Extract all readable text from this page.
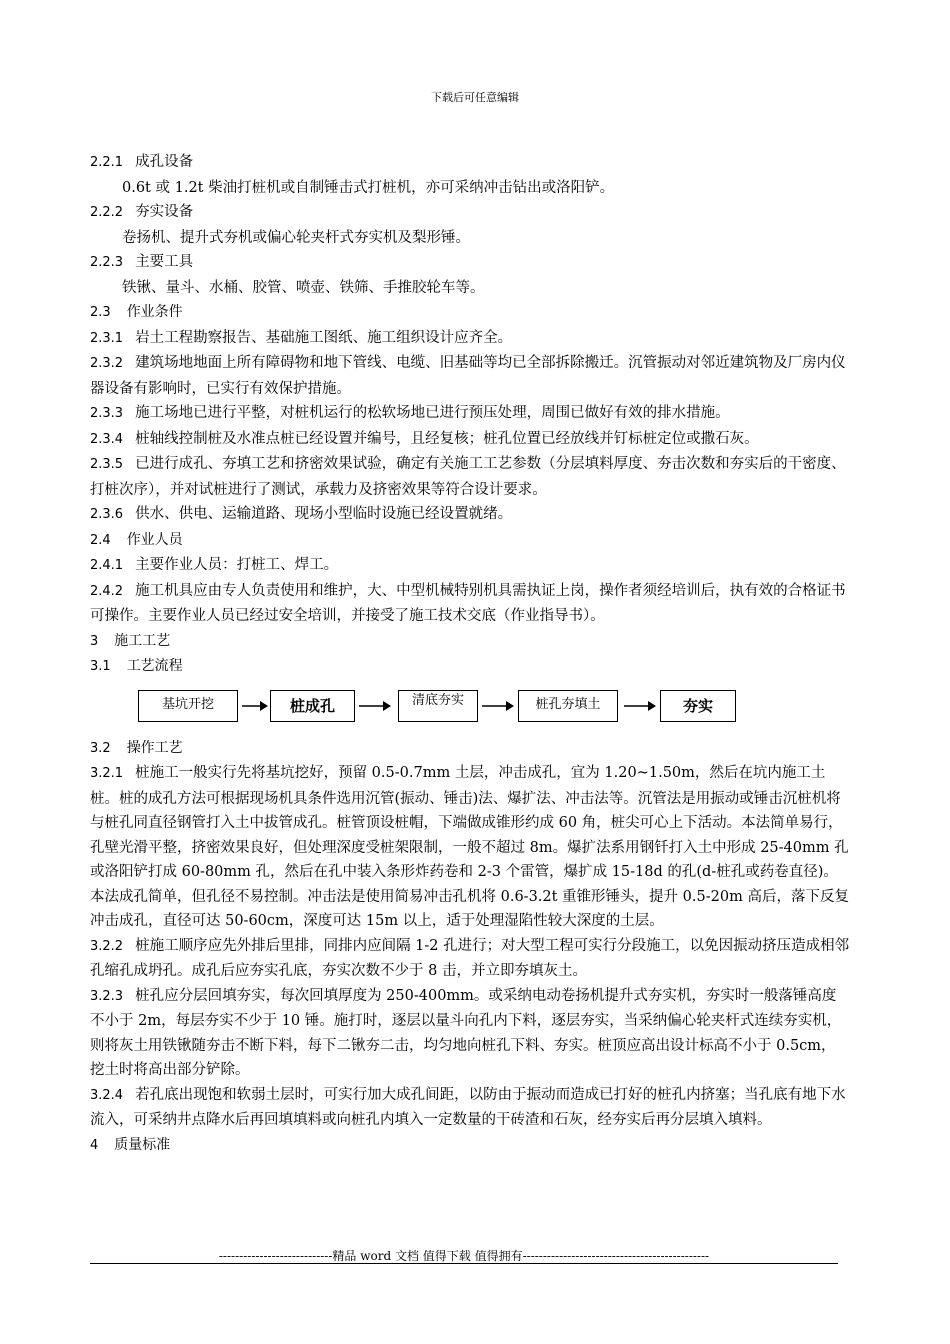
下载后可任意编辑
2.2.1 成孔设备
0.6t 或 1.2t 柴油打桩机或自制锤击式打桩机，亦可采纳冲击钻出或洛阳铲。
2.2.2 夯实设备
卷扬机、提升式夯机或偏心轮夹杆式夯实机及梨形锤。
2.2.3 主要工具
铁锹、量斗、水桶、胶管、喷壶、铁筛、手推胶轮车等。
2.3 作业条件
2.3.1 岩土工程勘察报告、基础施工图纸、施工组织设计应齐全。
2.3.2 建筑场地地面上所有障碍物和地下管线、电缆、旧基础等均已全部拆除搬迁。沉管振动对邻近建筑物及厂房内仪器设备有影响时，已实行有效保护措施。
2.3.3 施工场地已进行平整，对桩机运行的松软场地已进行预压处理，周围已做好有效的排水措施。
2.3.4 桩轴线控制桩及水准点桩已经设置并编号，且经复核；桩孔位置已经放线并钉标桩定位或撒石灰。
2.3.5 已进行成孔、夯填工艺和挤密效果试验，确定有关施工工艺参数（分层填料厚度、夯击次数和夯实后的干密度、打桩次序），并对试桩进行了测试，承载力及挤密效果等符合设计要求。
2.3.6 供水、供电、运输道路、现场小型临时设施已经设置就绪。
2.4 作业人员
2.4.1 主要作业人员：打桩工、焊工。
2.4.2 施工机具应由专人负责使用和维护，大、中型机械特别机具需执证上岗，操作者须经培训后，执有效的合格证书可操作。主要作业人员已经过安全培训，并接受了施工技术交底（作业指导书）。
3 施工工艺
3.1 工艺流程
基坑开挖	桩成孔	清底夯实	桩孔夯填土	夯实
3.2 操作工艺
3.2.1 桩施工一般实行先将基坑挖好，预留 0.5-0.7mm 土层，冲击成孔，宜为 1.20~1.50m，然后在坑内施工土桩。桩的成孔方法可根据现场机具条件选用沉管(振动、锤击)法、爆扩法、冲击法等。沉管法是用振动或锤击沉桩机将与桩孔同直径钢管打入土中拔管成孔。桩管顶设桩帽，下端做成锥形约成 60 角，桩尖可心上下活动。本法简单易行，孔壁光滑平整，挤密效果良好，但处理深度受桩架限制，一般不超过 8m。爆扩法系用钢钎打入土中形成 25-40mm 孔或洛阳铲打成 60-80mm 孔，然后在孔中装入条形炸药卷和 2-3 个雷管，爆扩成 15-18d 的孔(d-桩孔或药卷直径)。本法成孔简单，但孔径不易控制。冲击法是使用简易冲击孔机将 0.6-3.2t 重锥形锤头，提升 0.5-20m 高后，落下反复冲击成孔，直径可达 50-60cm，深度可达 15m 以上，适于处理湿陷性较大深度的土层。
3.2.2 桩施工顺序应先外排后里排，同排内应间隔 1-2 孔进行；对大型工程可实行分段施工，以免因振动挤压造成相邻孔缩孔成坍孔。成孔后应夯实孔底，夯实次数不少于 8 击，并立即夯填灰土。
3.2.3 桩孔应分层回填夯实，每次回填厚度为 250-400mm。或采纳电动卷扬机提升式夯实机，夯实时一般落锤高度不小于 2m，每层夯实不少于 10 锤。施打时，逐层以量斗向孔内下料，逐层夯实，当采纳偏心轮夹杆式连续夯实机，则将灰土用铁锹随夯击不断下料，每下二锹夯二击，均匀地向桩孔下料、夯实。桩顶应高出设计标高不小于 0.5cm，挖土时将高出部分铲除。
3.2.4 若孔底出现饱和软弱土层时，可实行加大成孔间距，以防由于振动而造成已打好的桩孔内挤塞；当孔底有地下水流入，可采纳井点降水后再回填填料或向桩孔内填入一定数量的干砖渣和石灰，经夯实后再分层填入填料。
4 质量标准
----------------------------精品 word 文档 值得下载 值得拥有----------------------------------------------
